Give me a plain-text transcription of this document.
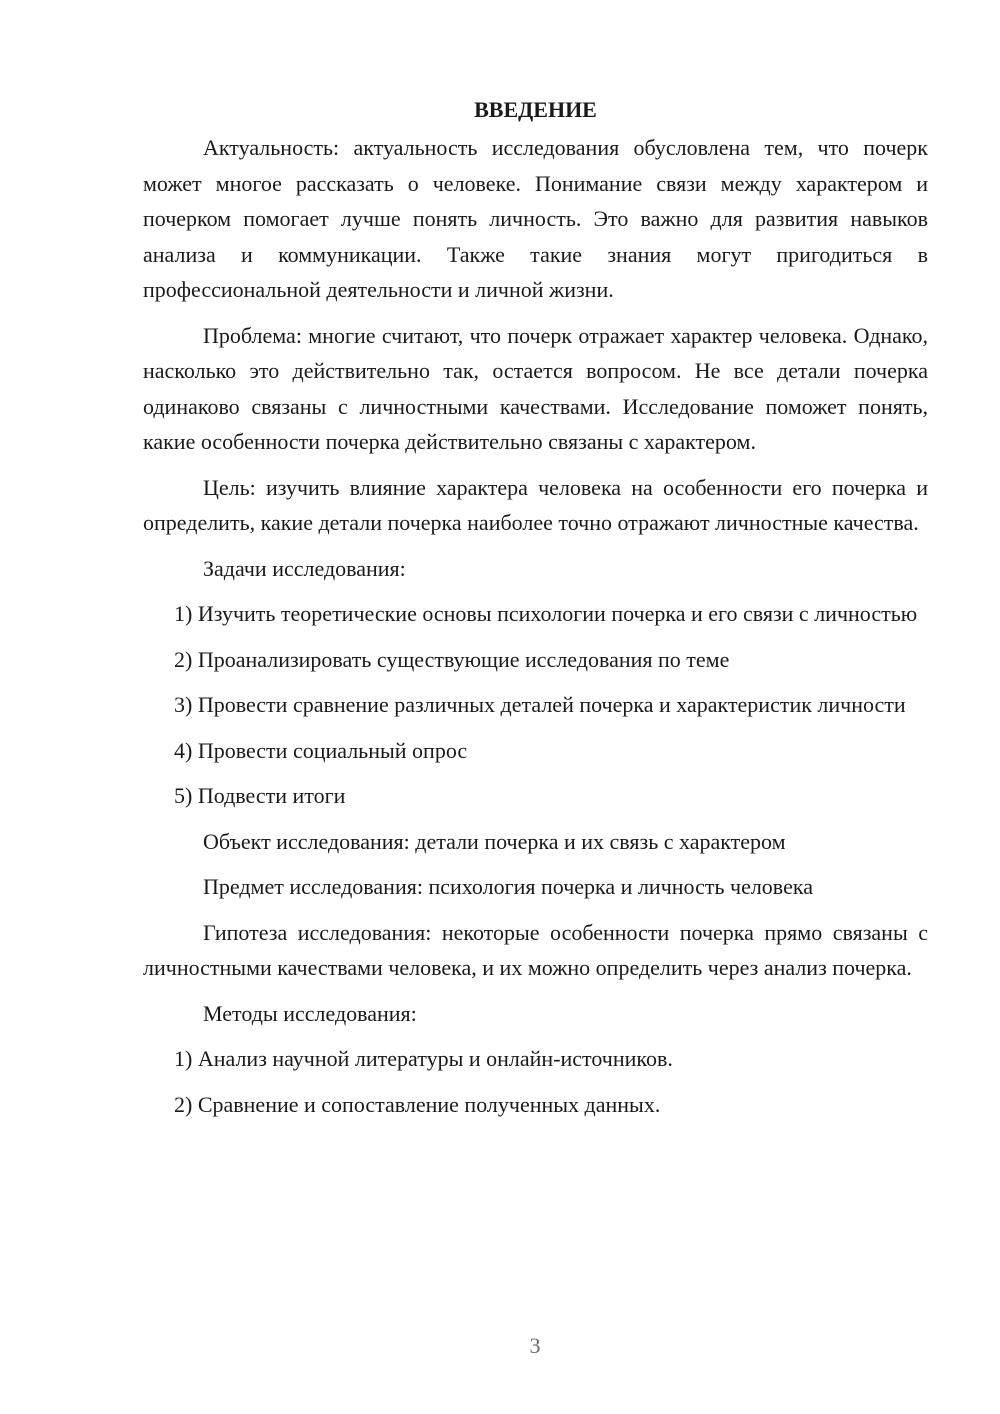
ВВЕДЕНИЕ

Актуальность: актуальность исследования обусловлена тем, что почерк может многое рассказать о человеке. Понимание связи между характером и почерком помогает лучше понять личность. Это важно для развития навыков анализа и коммуникации. Также такие знания могут пригодиться в профессиональной деятельности и личной жизни.

Проблема: многие считают, что почерк отражает характер человека. Однако, насколько это действительно так, остается вопросом. Не все детали почерка одинаково связаны с личностными качествами. Исследование поможет понять, какие особенности почерка действительно связаны с характером.

Цель: изучить влияние характера человека на особенности его почерка и определить, какие детали почерка наиболее точно отражают личностные качества.

Задачи исследования:

1) Изучить теоретические основы психологии почерка и его связи с личностью

2) Проанализировать существующие исследования по теме

3) Провести сравнение различных деталей почерка и характеристик личности

4) Провести социальный опрос

5) Подвести итоги

Объект исследования: детали почерка и их связь с характером

Предмет исследования: психология почерка и личность человека

Гипотеза исследования: некоторые особенности почерка прямо связаны с личностными качествами человека, и их можно определить через анализ почерка.

Методы исследования:

1) Анализ научной литературы и онлайн-источников.

2) Сравнение и сопоставление полученных данных.

3
